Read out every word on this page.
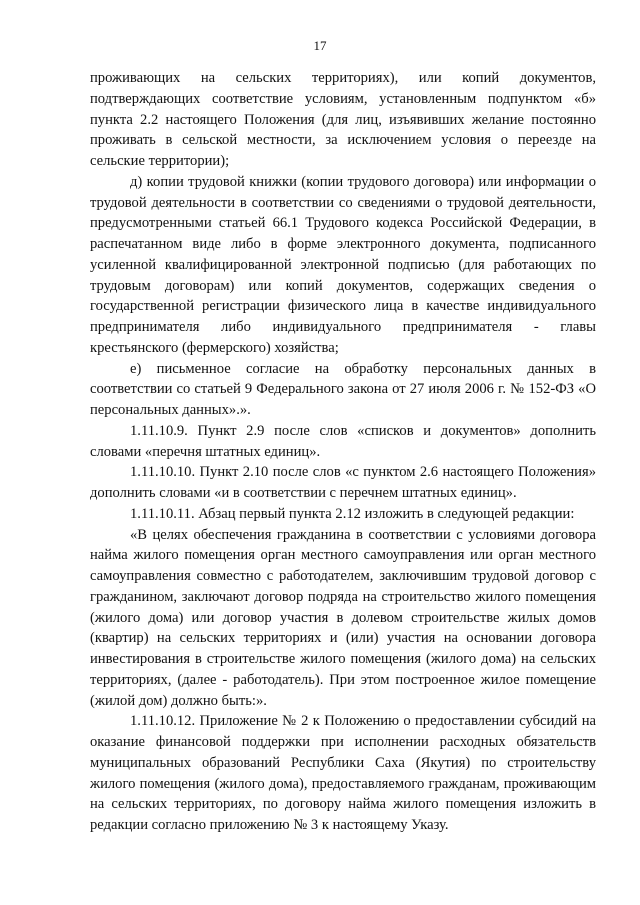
17

проживающих на сельских территориях), или копий документов, подтверждающих соответствие условиям, установленным подпунктом «б» пункта 2.2 настоящего Положения (для лиц, изъявивших желание постоянно проживать в сельской местности, за исключением условия о переезде на сельские территории);

д) копии трудовой книжки (копии трудового договора) или информации о трудовой деятельности в соответствии со сведениями о трудовой деятельности, предусмотренными статьей 66.1 Трудового кодекса Российской Федерации, в распечатанном виде либо в форме электронного документа, подписанного усиленной квалифицированной электронной подписью (для работающих по трудовым договорам) или копий документов, содержащих сведения о государственной регистрации физического лица в качестве индивидуального предпринимателя либо индивидуального предпринимателя - главы крестьянского (фермерского) хозяйства;

е) письменное согласие на обработку персональных данных в соответствии со статьей 9 Федерального закона от 27 июля 2006 г. № 152-ФЗ «О персональных данных».».

1.11.10.9. Пункт 2.9 после слов «списков и документов» дополнить словами «перечня штатных единиц».

1.11.10.10. Пункт 2.10 после слов «с пунктом 2.6 настоящего Положения» дополнить словами «и в соответствии с перечнем штатных единиц».

1.11.10.11. Абзац первый пункта 2.12 изложить в следующей редакции:

«В целях обеспечения гражданина в соответствии с условиями договора найма жилого помещения орган местного самоуправления или орган местного самоуправления совместно с работодателем, заключившим трудовой договор с гражданином, заключают договор подряда на строительство жилого помещения (жилого дома) или договор участия в долевом строительстве жилых домов (квартир) на сельских территориях и (или) участия на основании договора инвестирования в строительстве жилого помещения (жилого дома) на сельских территориях, (далее - работодатель). При этом построенное жилое помещение (жилой дом) должно быть:».

1.11.10.12. Приложение № 2 к Положению о предоставлении субсидий на оказание финансовой поддержки при исполнении расходных обязательств муниципальных образований Республики Саха (Якутия) по строительству жилого помещения (жилого дома), предоставляемого гражданам, проживающим на сельских территориях, по договору найма жилого помещения изложить в редакции согласно приложению № 3 к настоящему Указу.
